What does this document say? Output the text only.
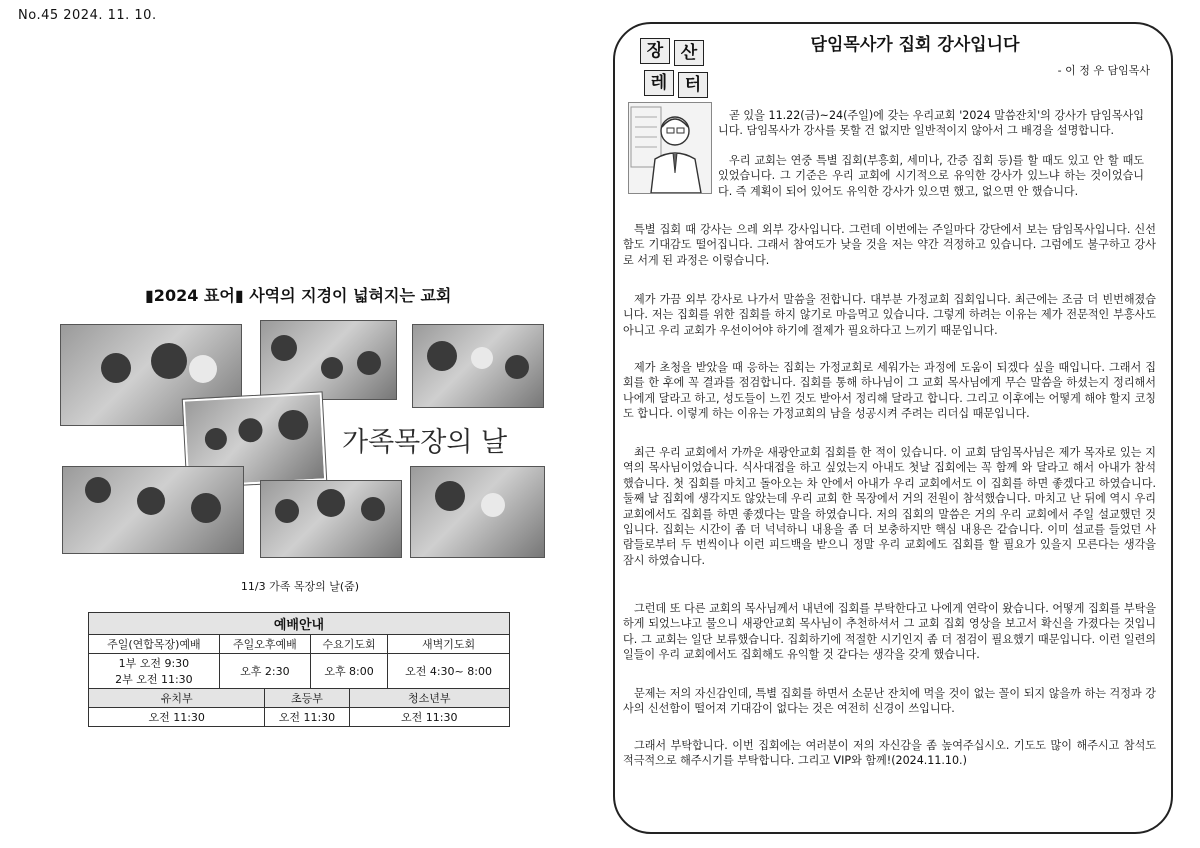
No.45 2024. 11. 10.
▮2024 표어▮ 사역의 지경이 넓혀지는 교회
가족목장의 날
11/3 가족 목장의 날(줌)
예배안내					
주일(연합목장)예배	주일오후예배		수요기도회		새벽기도회

1부 오전 9:30
2부 오전 11:30	오후 2:30		오후 8:00		오전 4:30~ 8:00
유치부		초등부		청소년부	
오전 11:30		오전 11:30		오전 11:30	
장	산
레	터
담임목사가 집회 강사입니다
- 이 정 우 담임목사

곧 있을 11.22(금)~24(주일)에 갖는 우리교회 '2024 말씀잔치'의 강사가 담임목사입니다. 담임목사가 강사를 못할 건 없지만 일반적이지 않아서 그 배경을 설명합니다.

우리 교회는 연중 특별 집회(부흥회, 세미나, 간증 집회 등)를 할 때도 있고 안 할 때도 있었습니다. 그 기준은 우리 교회에 시기적으로 유익한 강사가 있느냐 하는 것이었습니다. 즉 계획이 되어 있어도 유익한 강사가 있으면 했고, 없으면 안 했습니다.

특별 집회 때 강사는 으레 외부 강사입니다. 그런데 이번에는 주일마다 강단에서 보는 담임목사입니다. 신선함도 기대감도 떨어집니다. 그래서 참여도가 낮을 것을 저는 약간 걱정하고 있습니다. 그럼에도 불구하고 강사로 서게 된 과정은 이렇습니다.

제가 가끔 외부 강사로 나가서 말씀을 전합니다. 대부분 가정교회 집회입니다. 최근에는 조금 더 빈번해졌습니다. 저는 집회를 위한 집회를 하지 않기로 마음먹고 있습니다. 그렇게 하려는 이유는 제가 전문적인 부흥사도 아니고 우리 교회가 우선이어야 하기에 절제가 필요하다고 느끼기 때문입니다.

제가 초청을 받았을 때 응하는 집회는 가정교회로 세워가는 과정에 도움이 되겠다 싶을 때입니다. 그래서 집회를 한 후에 꼭 결과를 점검합니다. 집회를 통해 하나님이 그 교회 목사님에게 무슨 말씀을 하셨는지 정리해서 나에게 달라고 하고, 성도들이 느낀 것도 받아서 정리해 달라고 합니다. 그리고 이후에는 어떻게 해야 할지 코칭도 합니다. 이렇게 하는 이유는 가정교회의 남을 성공시켜 주려는 리더십 때문입니다.

최근 우리 교회에서 가까운 새광안교회 집회를 한 적이 있습니다. 이 교회 담임목사님은 제가 목자로 있는 지역의 목사님이었습니다. 식사대접을 하고 싶었는지 아내도 첫날 집회에는 꼭 함께 와 달라고 해서 아내가 참석했습니다. 첫 집회를 마치고 돌아오는 차 안에서 아내가 우리 교회에서도 이 집회를 하면 좋겠다고 하였습니다. 둘째 날 집회에 생각지도 않았는데 우리 교회 한 목장에서 거의 전원이 참석했습니다. 마치고 난 뒤에 역시 우리 교회에서도 집회를 하면 좋겠다는 말을 하였습니다. 저의 집회의 말씀은 거의 우리 교회에서 주일 설교했던 것입니다. 집회는 시간이 좀 더 넉넉하니 내용을 좀 더 보충하지만 핵심 내용은 같습니다. 이미 설교를 들었던 사람들로부터 두 번씩이나 이런 피드백을 받으니 정말 우리 교회에도 집회를 할 필요가 있을지 모른다는 생각을 잠시 하였습니다.

그런데 또 다른 교회의 목사님께서 내년에 집회를 부탁한다고 나에게 연락이 왔습니다. 어떻게 집회를 부탁을 하게 되었느냐고 물으니 새광안교회 목사님이 추천하셔서 그 교회 집회 영상을 보고서 확신을 가졌다는 것입니다. 그 교회는 일단 보류했습니다. 집회하기에 적절한 시기인지 좀 더 점검이 필요했기 때문입니다. 이런 일련의 일들이 우리 교회에서도 집회해도 유익할 것 같다는 생각을 갖게 했습니다.

문제는 저의 자신감인데, 특별 집회를 하면서 소문난 잔치에 먹을 것이 없는 꼴이 되지 않을까 하는 걱정과 강사의 신선함이 떨어져 기대감이 없다는 것은 여전히 신경이 쓰입니다.

그래서 부탁합니다. 이번 집회에는 여러분이 저의 자신감을 좀 높여주십시오. 기도도 많이 해주시고 참석도 적극적으로 해주시기를 부탁합니다. 그리고 VIP와 함께!(2024.11.10.)
